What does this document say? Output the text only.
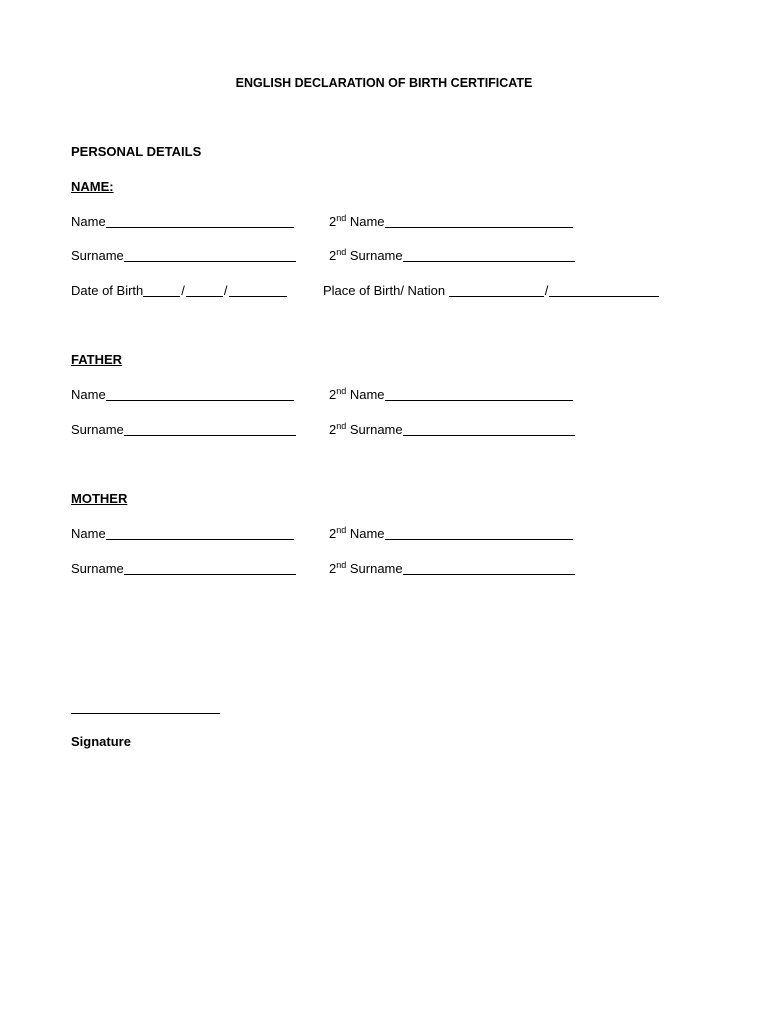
ENGLISH DECLARATION OF BIRTH CERTIFICATE
PERSONAL DETAILS
NAME:
Name	2nd Name
Surname	2nd Surname
Date of Birth	/	/	Place of Birth/ Nation	/
FATHER
Name	2nd Name
Surname	2nd Surname
MOTHER
Name	2nd Name
Surname	2nd Surname
Signature
